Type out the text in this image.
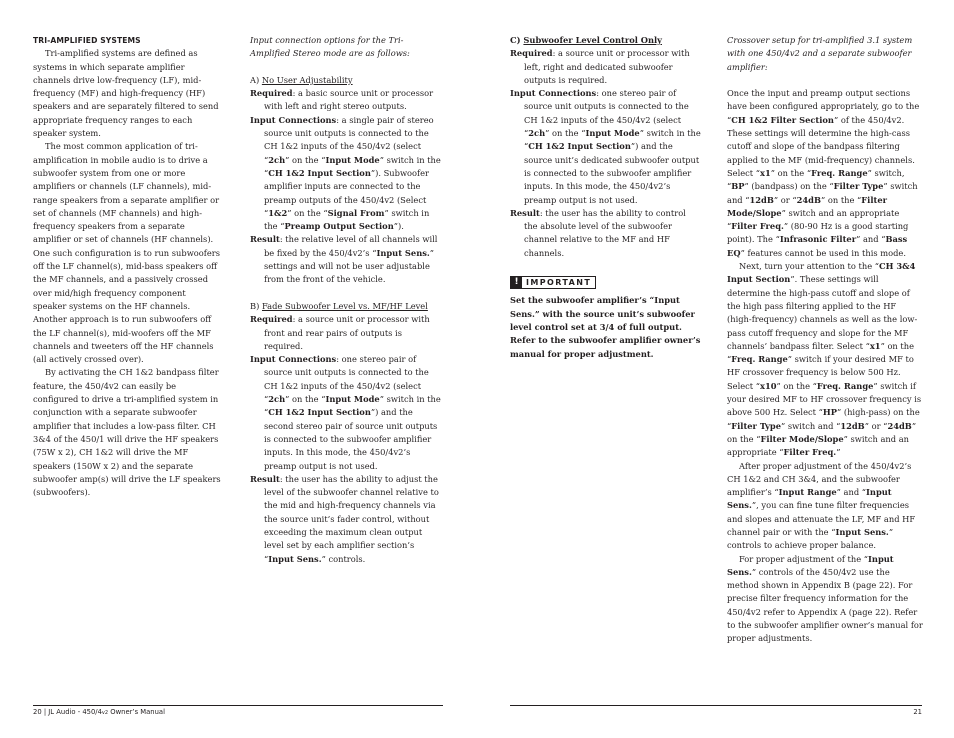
TRI-AMPLIFIED SYSTEMS

Tri-amplified systems are defined as systems in which separate amplifier channels drive low-frequency (LF), mid-frequency (MF) and high-frequency (HF) speakers and are separately filtered to send appropriate frequency ranges to each speaker system.

The most common application of tri-amplification in mobile audio is to drive a subwoofer system from one or more amplifiers or channels (LF channels), mid-range speakers from a separate amplifier or set of channels (MF channels) and high-frequency speakers from a separate amplifier or set of channels (HF channels). One such configuration is to run subwoofers off the LF channel(s), mid-bass speakers off the MF channels, and a passively crossed over mid/high frequency component speaker systems on the HF channels. Another approach is to run subwoofers off the LF channel(s), mid-woofers off the MF channels and tweeters off the HF channels (all actively crossed over).

By activating the CH 1&2 bandpass filter feature, the 450/4v2 can easily be configured to drive a tri-amplified system in conjunction with a separate subwoofer amplifier that includes a low-pass filter. CH 3&4 of the 450/1 will drive the HF speakers (75W x 2), CH 1&2 will drive the MF speakers (150W x 2) and the separate subwoofer amp(s) will drive the LF speakers (subwoofers).

Input connection options for the Tri-Amplified Stereo mode are as follows:

A) No User Adjustability

Required: a basic source unit or processor with left and right stereo outputs.

Input Connections: a single pair of stereo source unit outputs is connected to the CH 1&2 inputs of the 450/4v2 (select “2ch” on the “Input Mode” switch in the “CH 1&2 Input Section”). Subwoofer amplifier inputs are connected to the preamp outputs of the 450/4v2 (Select “1&2” on the “Signal From” switch in the “Preamp Output Section”).

Result: the relative level of all channels will be fixed by the 450/4v2’s “Input Sens.” settings and will not be user adjustable from the front of the vehicle.

B) Fade Subwoofer Level vs. MF/HF Level

Required: a source unit or processor with front and rear pairs of outputs is required.

Input Connections: one stereo pair of source unit outputs is connected to the CH 1&2 inputs of the 450/4v2 (select “2ch” on the “Input Mode” switch in the “CH 1&2 Input Section”) and the second stereo pair of source unit outputs is connected to the subwoofer amplifier inputs. In this mode, the 450/4v2’s preamp output is not used.

Result: the user has the ability to adjust the level of the subwoofer channel relative to the mid and high-frequency channels via the source unit’s fader control, without exceeding the maximum clean output level set by each amplifier section’s “Input Sens.” controls.

C) Subwoofer Level Control Only

Required: a source unit or processor with left, right and dedicated subwoofer outputs is required.

Input Connections: one stereo pair of source unit outputs is connected to the CH 1&2 inputs of the 450/4v2 (select “2ch” on the “Input Mode” switch in the “CH 1&2 Input Section”) and the source unit’s dedicated subwoofer output is connected to the subwoofer amplifier inputs. In this mode, the 450/4v2’s preamp output is not used.

Result: the user has the ability to control the absolute level of the subwoofer channel relative to the MF and HF channels.

! IMPORTANT

Set the subwoofer amplifier’s “Input Sens.” with the source unit’s subwoofer level control set at 3/4 of full output. Refer to the subwoofer amplifier owner’s manual for proper adjustment.

Crossover setup for tri-amplified 3.1 system with one 450/4v2 and a separate subwoofer amplifier:

Once the input and preamp output sections have been configured appropriately, go to the “CH 1&2 Filter Section” of the 450/4v2. These settings will determine the high-cass cutoff and slope of the bandpass filtering applied to the MF (mid-frequency) channels. Select “x1” on the “Freq. Range” switch, “BP” (bandpass) on the “Filter Type” switch and “12dB” or “24dB” on the “Filter Mode/Slope” switch and an appropriate “Filter Freq.” (80-90 Hz is a good starting point). The “Infrasonic Filter” and “Bass EQ” features cannot be used in this mode.

Next, turn your attention to the “CH 3&4 Input Section”. These settings will determine the high-pass cutoff and slope of the high pass filtering applied to the HF (high-frequency) channels as well as the low-pass cutoff frequency and slope for the MF channels’ bandpass filter. Select “x1” on the “Freq. Range” switch if your desired MF to HF crossover frequency is below 500 Hz. Select “x10” on the “Freq. Range” switch if your desired MF to HF crossover frequency is above 500 Hz. Select “HP” (high-pass) on the “Filter Type” switch and “12dB” or “24dB” on the “Filter Mode/Slope” switch and an appropriate “Filter Freq.”

After proper adjustment of the 450/4v2’s CH 1&2 and CH 3&4, and the subwoofer amplifier’s “Input Range” and “Input Sens.”, you can fine tune filter frequencies and slopes and attenuate the LF, MF and HF channel pair or with the “Input Sens.” controls to achieve proper balance.

For proper adjustment of the “Input Sens.” controls of the 450/4v2 use the method shown in Appendix B (page 22). For precise filter frequency information for the 450/4v2 refer to Appendix A (page 22). Refer to the subwoofer amplifier owner’s manual for proper adjustments.

20 | JL Audio - 450/4v2 Owner’s Manual	21
